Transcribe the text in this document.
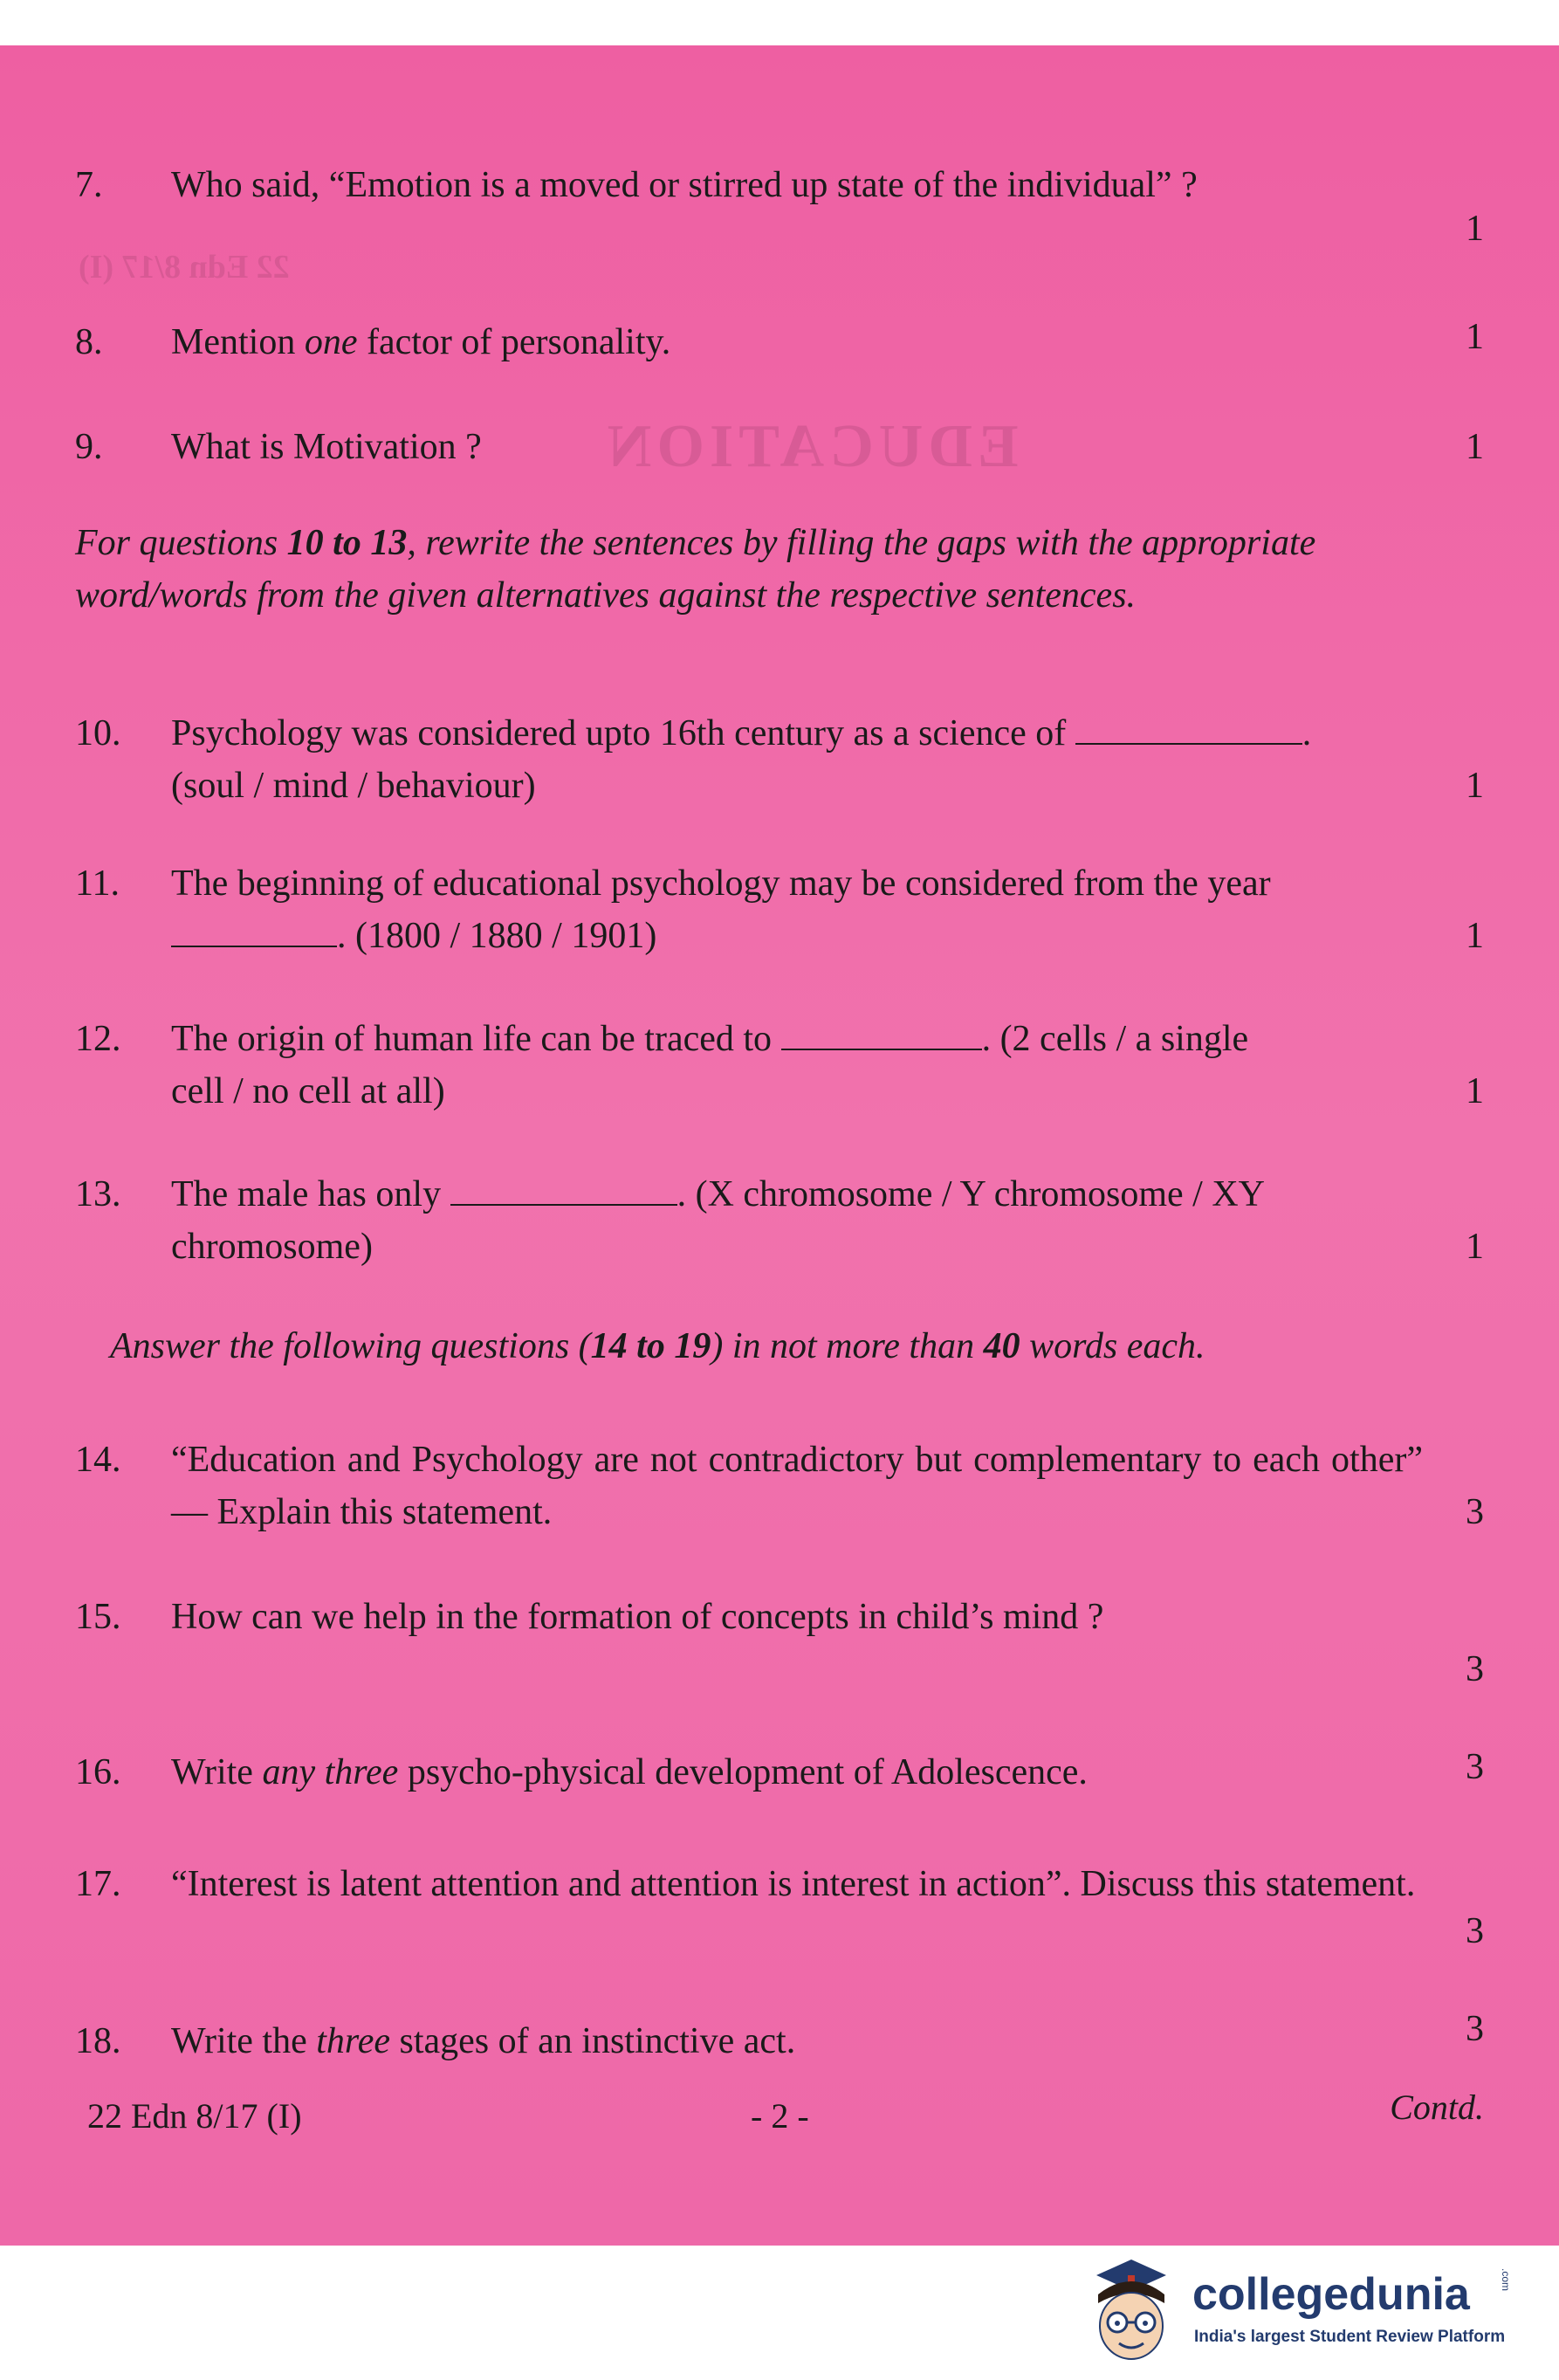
EDUCATION
22 Edn 8/17 (I)
7.	Who said, “Emotion is a moved or stirred up state of the individual” ?
1
8.	Mention one factor of personality.	1
9.	What is Motivation ?	1
For questions 10 to 13, rewrite the sentences by filling the gaps with the appropriate word/words from the given alternatives against the respective sentences.
10.	Psychology was considered upto 16th century as a science of	.
(soul / mind / behaviour)	1
11.	The beginning of educational psychology may be considered from the year
. (1800 / 1880 / 1901)	1
12.	The origin of human life can be traced to	. (2 cells / a single
cell / no cell at all)	1
13.	The male has only	. (X chromosome / Y chromosome / XY
chromosome)	1
Answer the following questions (14 to 19) in not more than 40 words each.
14.	“Education and Psychology are not contradictory but complementary to each other” — Explain this statement.	3
15.	How can we help in the formation of concepts in child’s mind ?
3
16.	Write any three psycho-physical development of Adolescence.	3
17.	“Interest is latent attention and attention is interest in action”. Discuss this statement.
3
18.	Write the three stages of an instinctive act.	3
22 Edn 8/17 (I)	- 2 -	Contd.
collegedunia	.com
India's largest Student Review Platform
